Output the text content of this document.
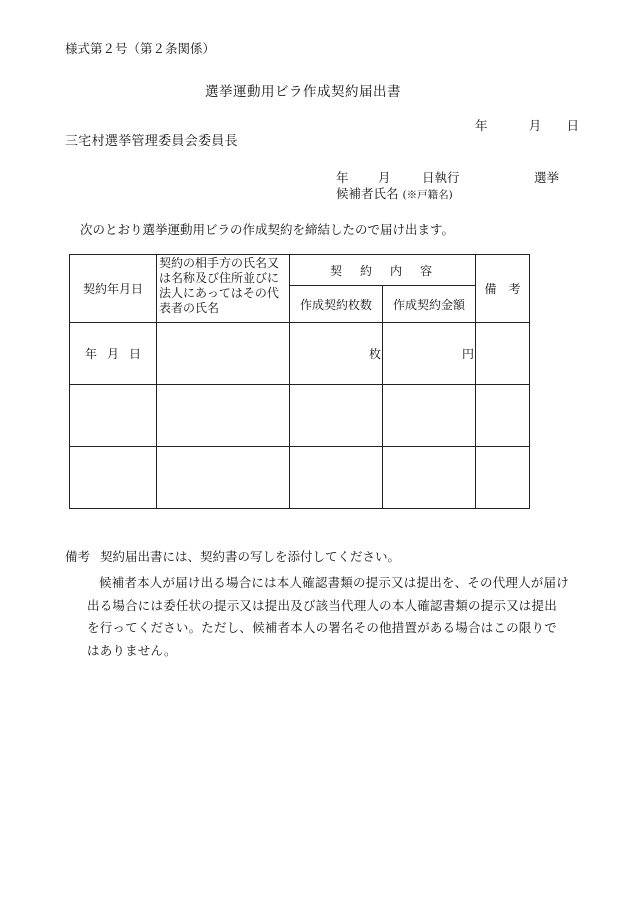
様式第２号（第２条関係）
選挙運動用ビラ作成契約届出書
年	月 日
三宅村選挙管理委員会委員長
年 月	日執行	選挙
候補者氏名 (※戸籍名)
次のとおり選挙運動用ビラの作成契約を締結したので届け出ます。
契約年月日	契約の相手方の氏名又は名称及び住所並びに法人にあってはその代表者の氏名	契　約　内　容		備　考
		作成契約枚数	作成契約金額	
年 月 日		枚	円	

備考 契約届出書には、契約書の写しを添付してください。
候補者本人が届け出る場合には本人確認書類の提示又は提出を、その代理人が届け出る場合には委任状の提示又は提出及び該当代理人の本人確認書類の提示又は提出を行ってください。ただし、候補者本人の署名その他措置がある場合はこの限りではありません。
